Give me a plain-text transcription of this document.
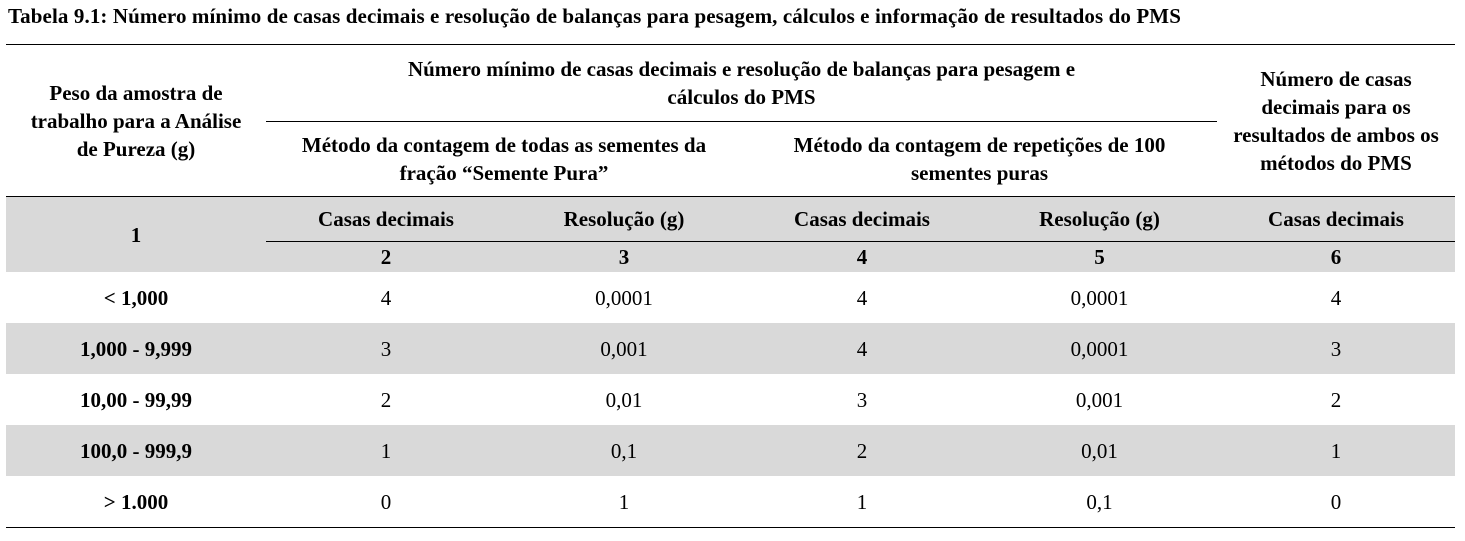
Tabela 9.1: Número mínimo de casas decimais e resolução de balanças para pesagem, cálculos e informação de resultados do PMS
Peso da amostra de trabalho para a Análise de Pureza (g)	Número mínimo de casas decimais e resolução de balanças para pesagem e cálculos do PMS				Número de casas decimais para os resultados de ambos os métodos do PMS
	Método da contagem de todas as sementes da fração “Semente Pura”		Método da contagem de repetições de 100 sementes puras		
1	Casas decimais	Resolução (g)	Casas decimais	Resolução (g)	Casas decimais
	2	3	4	5	6
< 1,000	4	0,0001	4	0,0001	4
1,000 - 9,999	3	0,001	4	0,0001	3
10,00 - 99,99	2	0,01	3	0,001	2
100,0 - 999,9	1	0,1	2	0,01	1
> 1.000	0	1	1	0,1	0
